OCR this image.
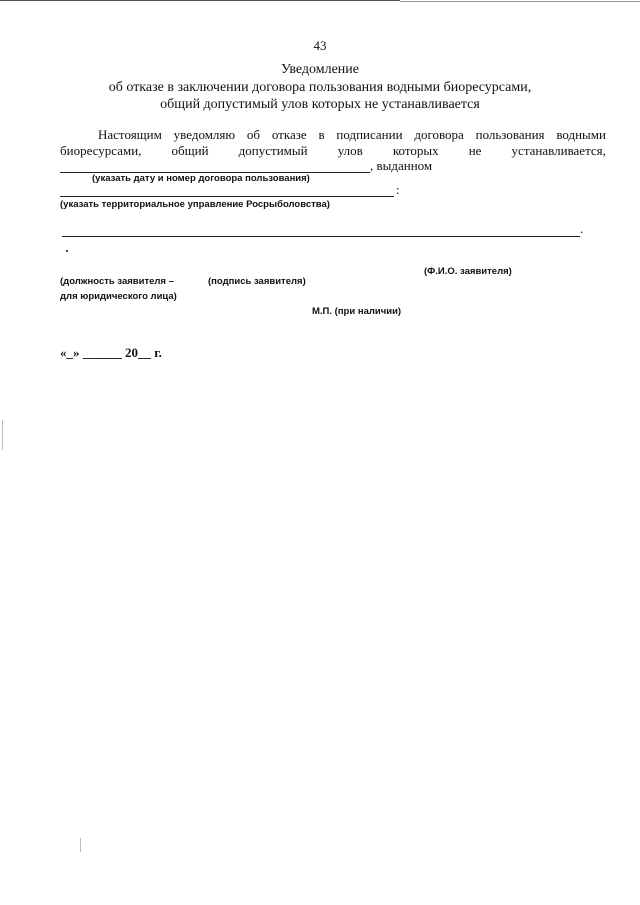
43
Уведомление
об отказе в заключении договора пользования водными биоресурсами,
общий допустимый улов которых не устанавливается
Настоящим уведомляю об отказе в подписании договора пользования водными
биоресурсами, общий допустимый улов которых не устанавливается,
, выданном
(указать дату и номер договора пользования)
:
(указать территориальное управление Росрыболовства)
.
(должность заявителя –
для юридического лица)
(подпись заявителя)
(Ф.И.О. заявителя)
М.П. (при наличии)
«_» ______ 20__ г.
